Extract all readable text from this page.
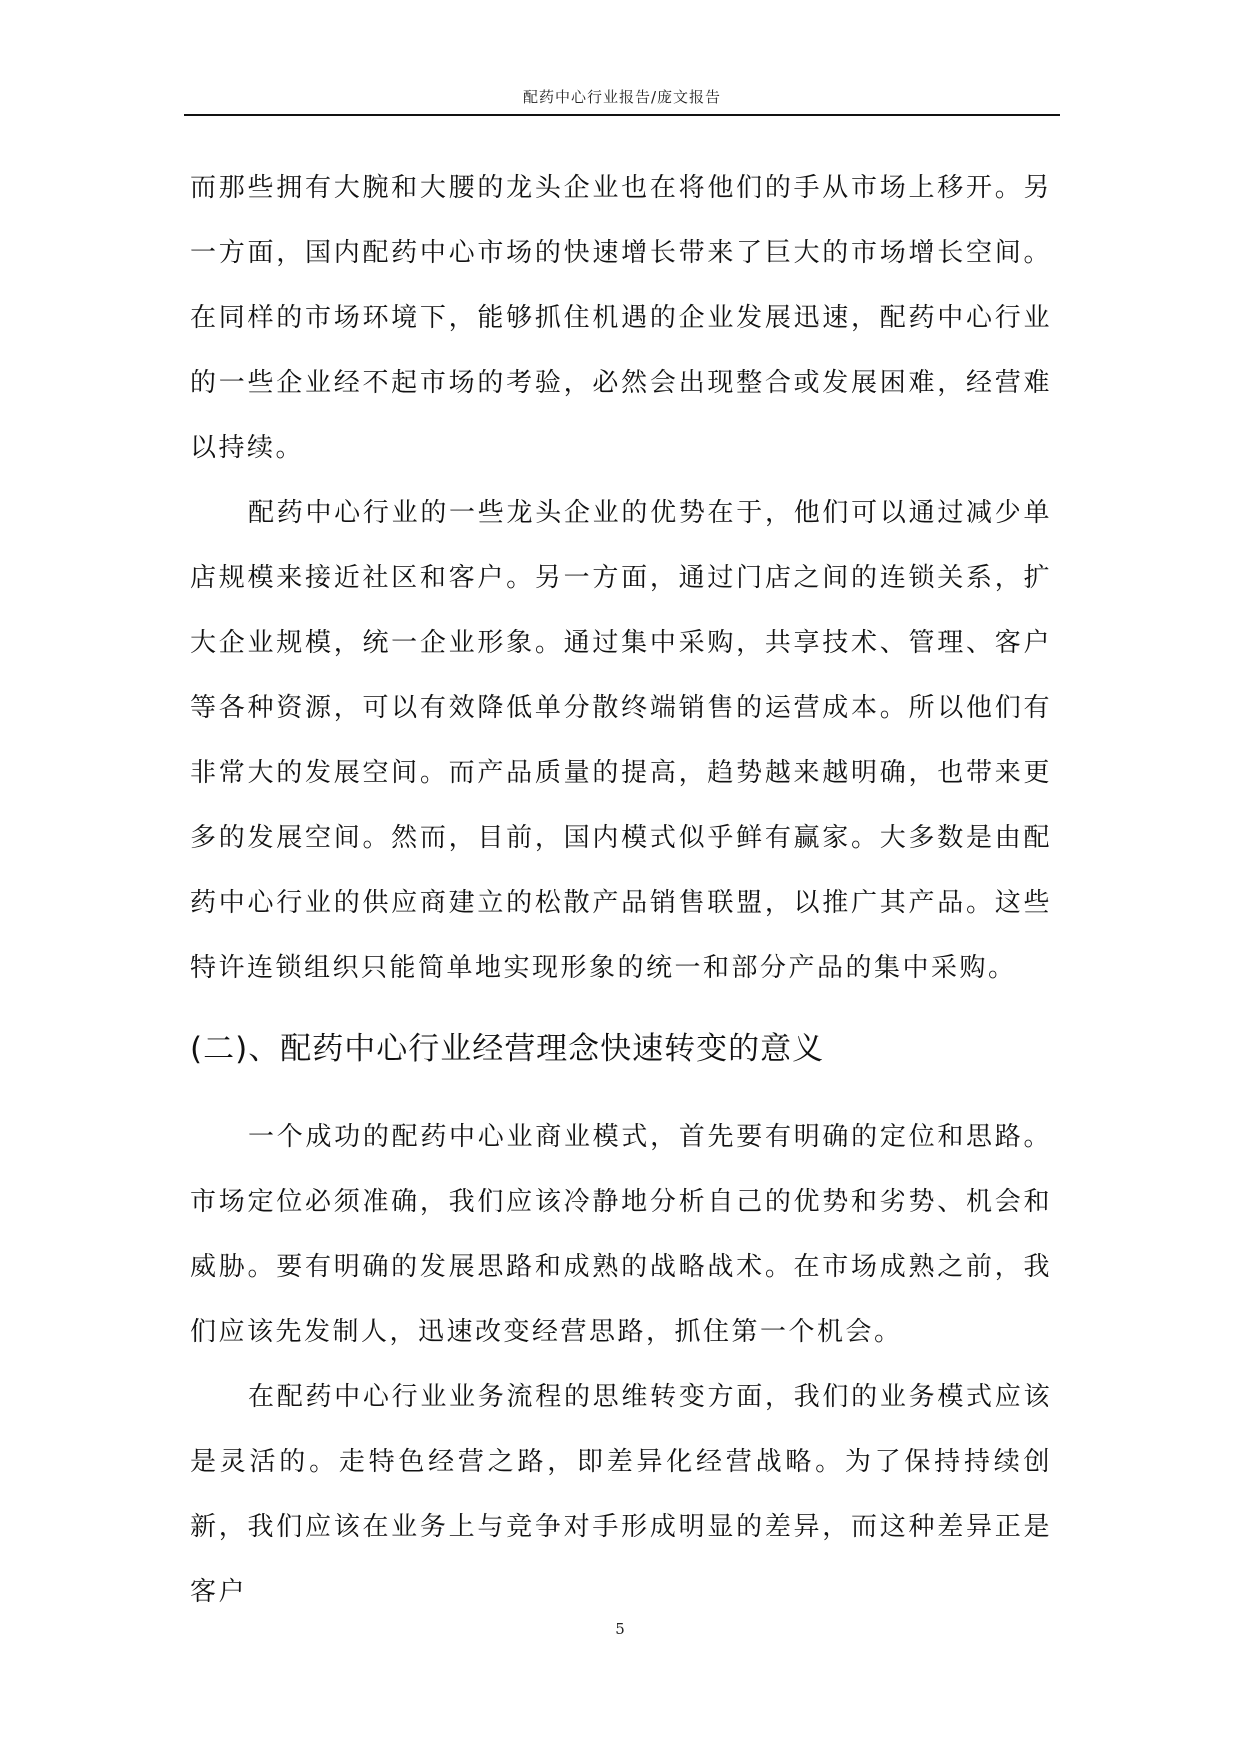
配药中心行业报告/庞文报告

而那些拥有大腕和大腰的龙头企业也在将他们的手从市场上移开。另一方面，国内配药中心市场的快速增长带来了巨大的市场增长空间。在同样的市场环境下，能够抓住机遇的企业发展迅速，配药中心行业的一些企业经不起市场的考验，必然会出现整合或发展困难，经营难以持续。

配药中心行业的一些龙头企业的优势在于，他们可以通过减少单店规模来接近社区和客户。另一方面，通过门店之间的连锁关系，扩大企业规模，统一企业形象。通过集中采购，共享技术、管理、客户等各种资源，可以有效降低单分散终端销售的运营成本。所以他们有非常大的发展空间。而产品质量的提高，趋势越来越明确，也带来更多的发展空间。然而，目前，国内模式似乎鲜有赢家。大多数是由配药中心行业的供应商建立的松散产品销售联盟，以推广其产品。这些特许连锁组织只能简单地实现形象的统一和部分产品的集中采购。

(二)、配药中心行业经营理念快速转变的意义

一个成功的配药中心业商业模式，首先要有明确的定位和思路。市场定位必须准确，我们应该冷静地分析自己的优势和劣势、机会和威胁。要有明确的发展思路和成熟的战略战术。在市场成熟之前，我们应该先发制人，迅速改变经营思路，抓住第一个机会。

在配药中心行业业务流程的思维转变方面，我们的业务模式应该是灵活的。走特色经营之路，即差异化经营战略。为了保持持续创新，我们应该在业务上与竞争对手形成明显的差异，而这种差异正是客户

5
